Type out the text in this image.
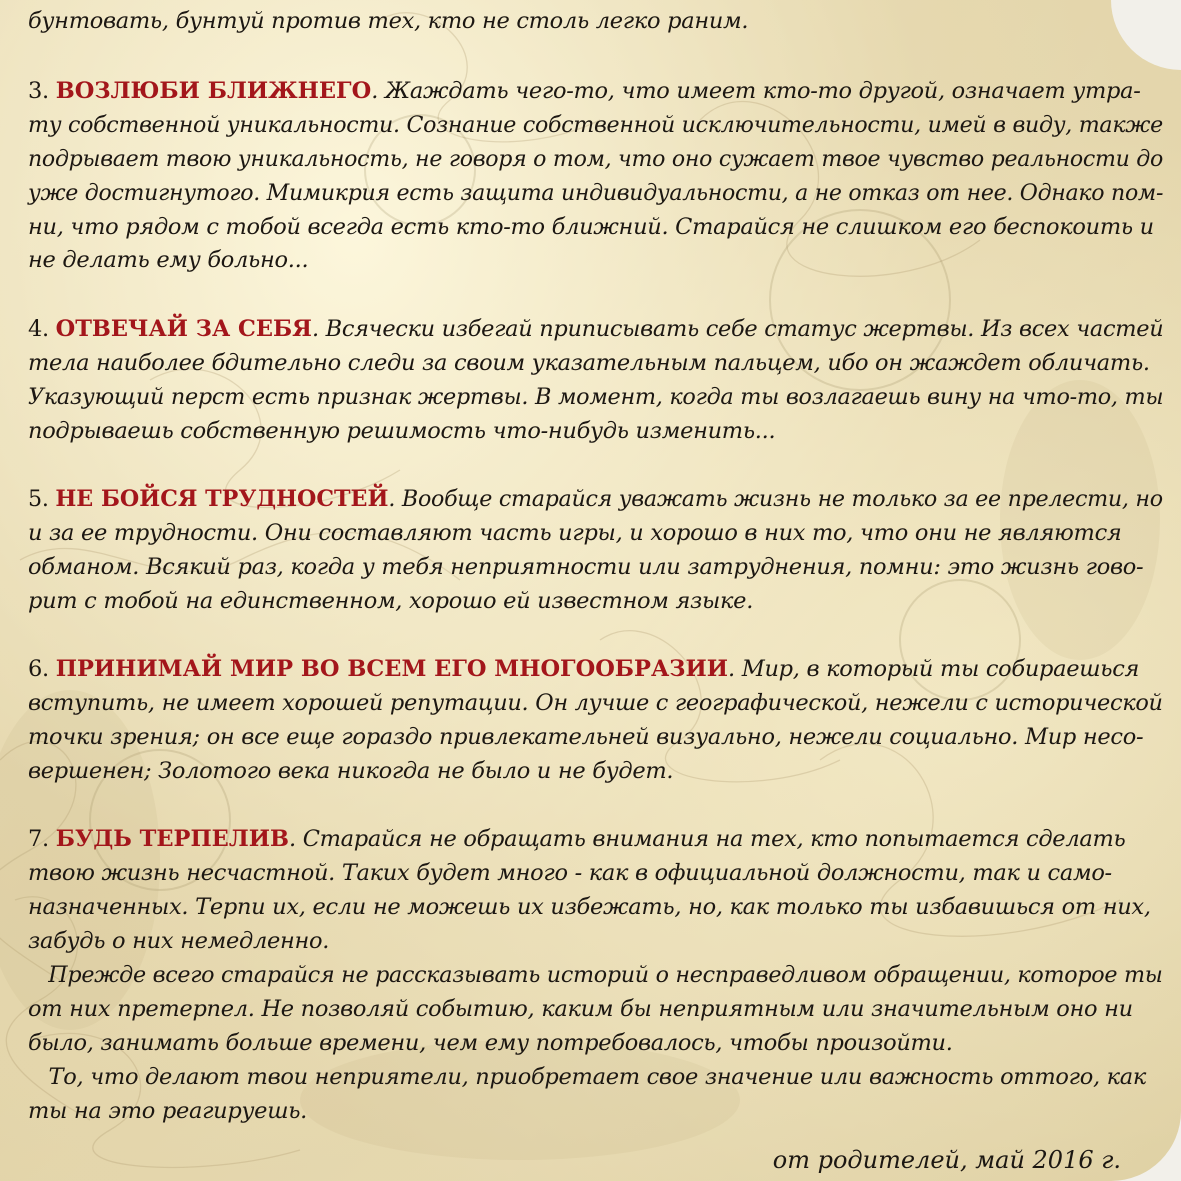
бунтовать, бунтуй против тех, кто не столь легко раним.
3. ВОЗЛЮБИ БЛИЖНЕГО. Жаждать чего-то, что имеет кто-то другой, означает утра-
ту собственной уникальности. Сознание собственной исключительности, имей в виду, также
подрывает твою уникальность, не говоря о том, что оно сужает твое чувство реальности до
уже достигнутого. Мимикрия есть защита индивидуальности, а не отказ от нее. Однако пом-
ни, что рядом с тобой всегда есть кто-то ближний. Старайся не слишком его беспокоить и
не делать ему больно...
4. ОТВЕЧАЙ ЗА СЕБЯ. Всячески избегай приписывать себе статус жертвы. Из всех частей
тела наиболее бдительно следи за своим указательным пальцем, ибо он жаждет обличать.
Указующий перст есть признак жертвы. В момент, когда ты возлагаешь вину на что-то, ты
подрываешь собственную решимость что-нибудь изменить...
5. НЕ БОЙСЯ ТРУДНОСТЕЙ. Вообще старайся уважать жизнь не только за ее прелести, но
и за ее трудности. Они составляют часть игры, и хорошо в них то, что они не являются
обманом. Всякий раз, когда у тебя неприятности или затруднения, помни: это жизнь гово-
рит с тобой на единственном, хорошо ей известном языке.
6. ПРИНИМАЙ МИР ВО ВСЕМ ЕГО МНОГООБРАЗИИ. Мир, в который ты собираешься
вступить, не имеет хорошей репутации. Он лучше с географической, нежели с исторической
точки зрения; он все еще гораздо привлекательней визуально, нежели социально. Мир несо-
вершенен; Золотого века никогда не было и не будет.
7. БУДЬ ТЕРПЕЛИВ. Старайся не обращать внимания на тех, кто попытается сделать
твою жизнь несчастной. Таких будет много - как в официальной должности, так и само-
назначенных. Терпи их, если не можешь их избежать, но, как только ты избавишься от них,
забудь о них немедленно.
Прежде всего старайся не рассказывать историй о несправедливом обращении, которое ты
от них претерпел. Не позволяй событию, каким бы неприятным или значительным оно ни
было, занимать больше времени, чем ему потребовалось, чтобы произойти.
То, что делают твои неприятели, приобретает свое значение или важность оттого, как
ты на это реагируешь.
от родителей, май 2016 г.
